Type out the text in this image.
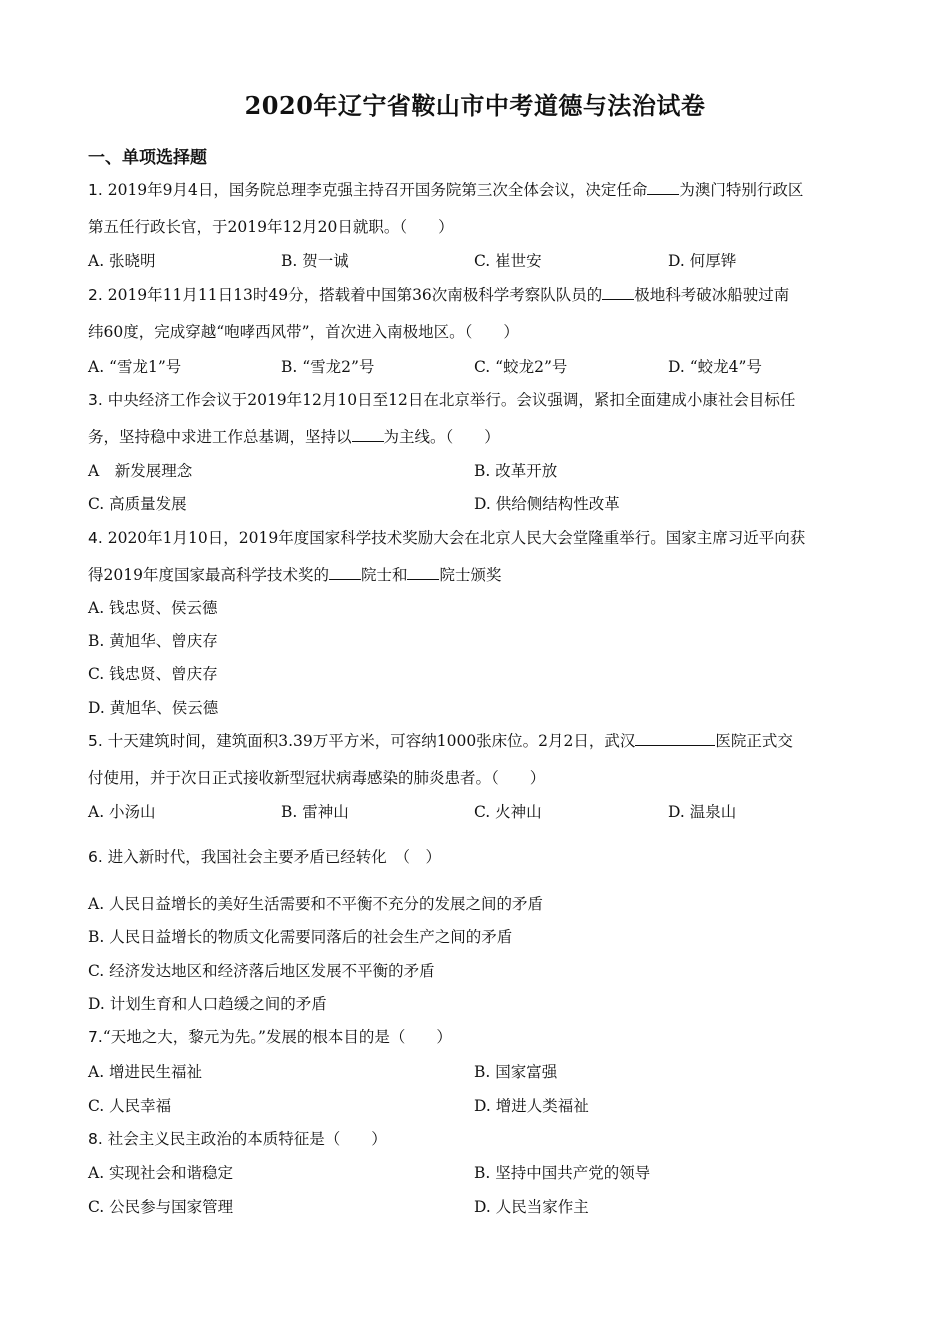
2020年辽宁省鞍山市中考道德与法治试卷
一、单项选择题
1. 2019年9月4日，国务院总理李克强主持召开国务院第三次全体会议，决定任命 为澳门特别行政区
第五任行政长官，于2019年12月20日就职。（　　）
A. 张晓明	B. 贺一诚	C. 崔世安	D. 何厚铧
2. 2019年11月11日13时49分，搭载着中国第36次南极科学考察队队员的 极地科考破冰船驶过南
纬60度，完成穿越“咆哮西风带”，首次进入南极地区。（　　）
A. “雪龙1”号	B. “雪龙2”号	C. “蛟龙2”号	D. “蛟龙4”号
3. 中央经济工作会议于2019年12月10日至12日在北京举行。会议强调，紧扣全面建成小康社会目标任
务，坚持稳中求进工作总基调，坚持以 为主线。（　　）
A　新发展理念	B. 改革开放
C. 高质量发展	D. 供给侧结构性改革
4. 2020年1月10日，2019年度国家科学技术奖励大会在北京人民大会堂隆重举行。国家主席习近平向获
得2019年度国家最高科学技术奖的 院士和 院士颁奖
A. 钱忠贤、侯云德
B. 黄旭华、曾庆存
C. 钱忠贤、曾庆存
D. 黄旭华、侯云德
5. 十天建筑时间，建筑面积3.39万平方米，可容纳1000张床位。2月2日，武汉	医院正式交
付使用，并于次日正式接收新型冠状病毒感染的肺炎患者。（　　）
A. 小汤山	B. 雷神山	C. 火神山	D. 温泉山
6. 进入新时代，我国社会主要矛盾已经转化　（　）
A. 人民日益增长的美好生活需要和不平衡不充分的发展之间的矛盾
B. 人民日益增长的物质文化需要同落后的社会生产之间的矛盾
C. 经济发达地区和经济落后地区发展不平衡的矛盾
D. 计划生育和人口趋缓之间的矛盾
7.“天地之大，黎元为先。”发展的根本目的是（　　）
A. 增进民生福祉	B. 国家富强
C. 人民幸福	D. 增进人类福祉
8. 社会主义民主政治的本质特征是（　　）
A. 实现社会和谐稳定	B. 坚持中国共产党的领导
C. 公民参与国家管理	D. 人民当家作主
